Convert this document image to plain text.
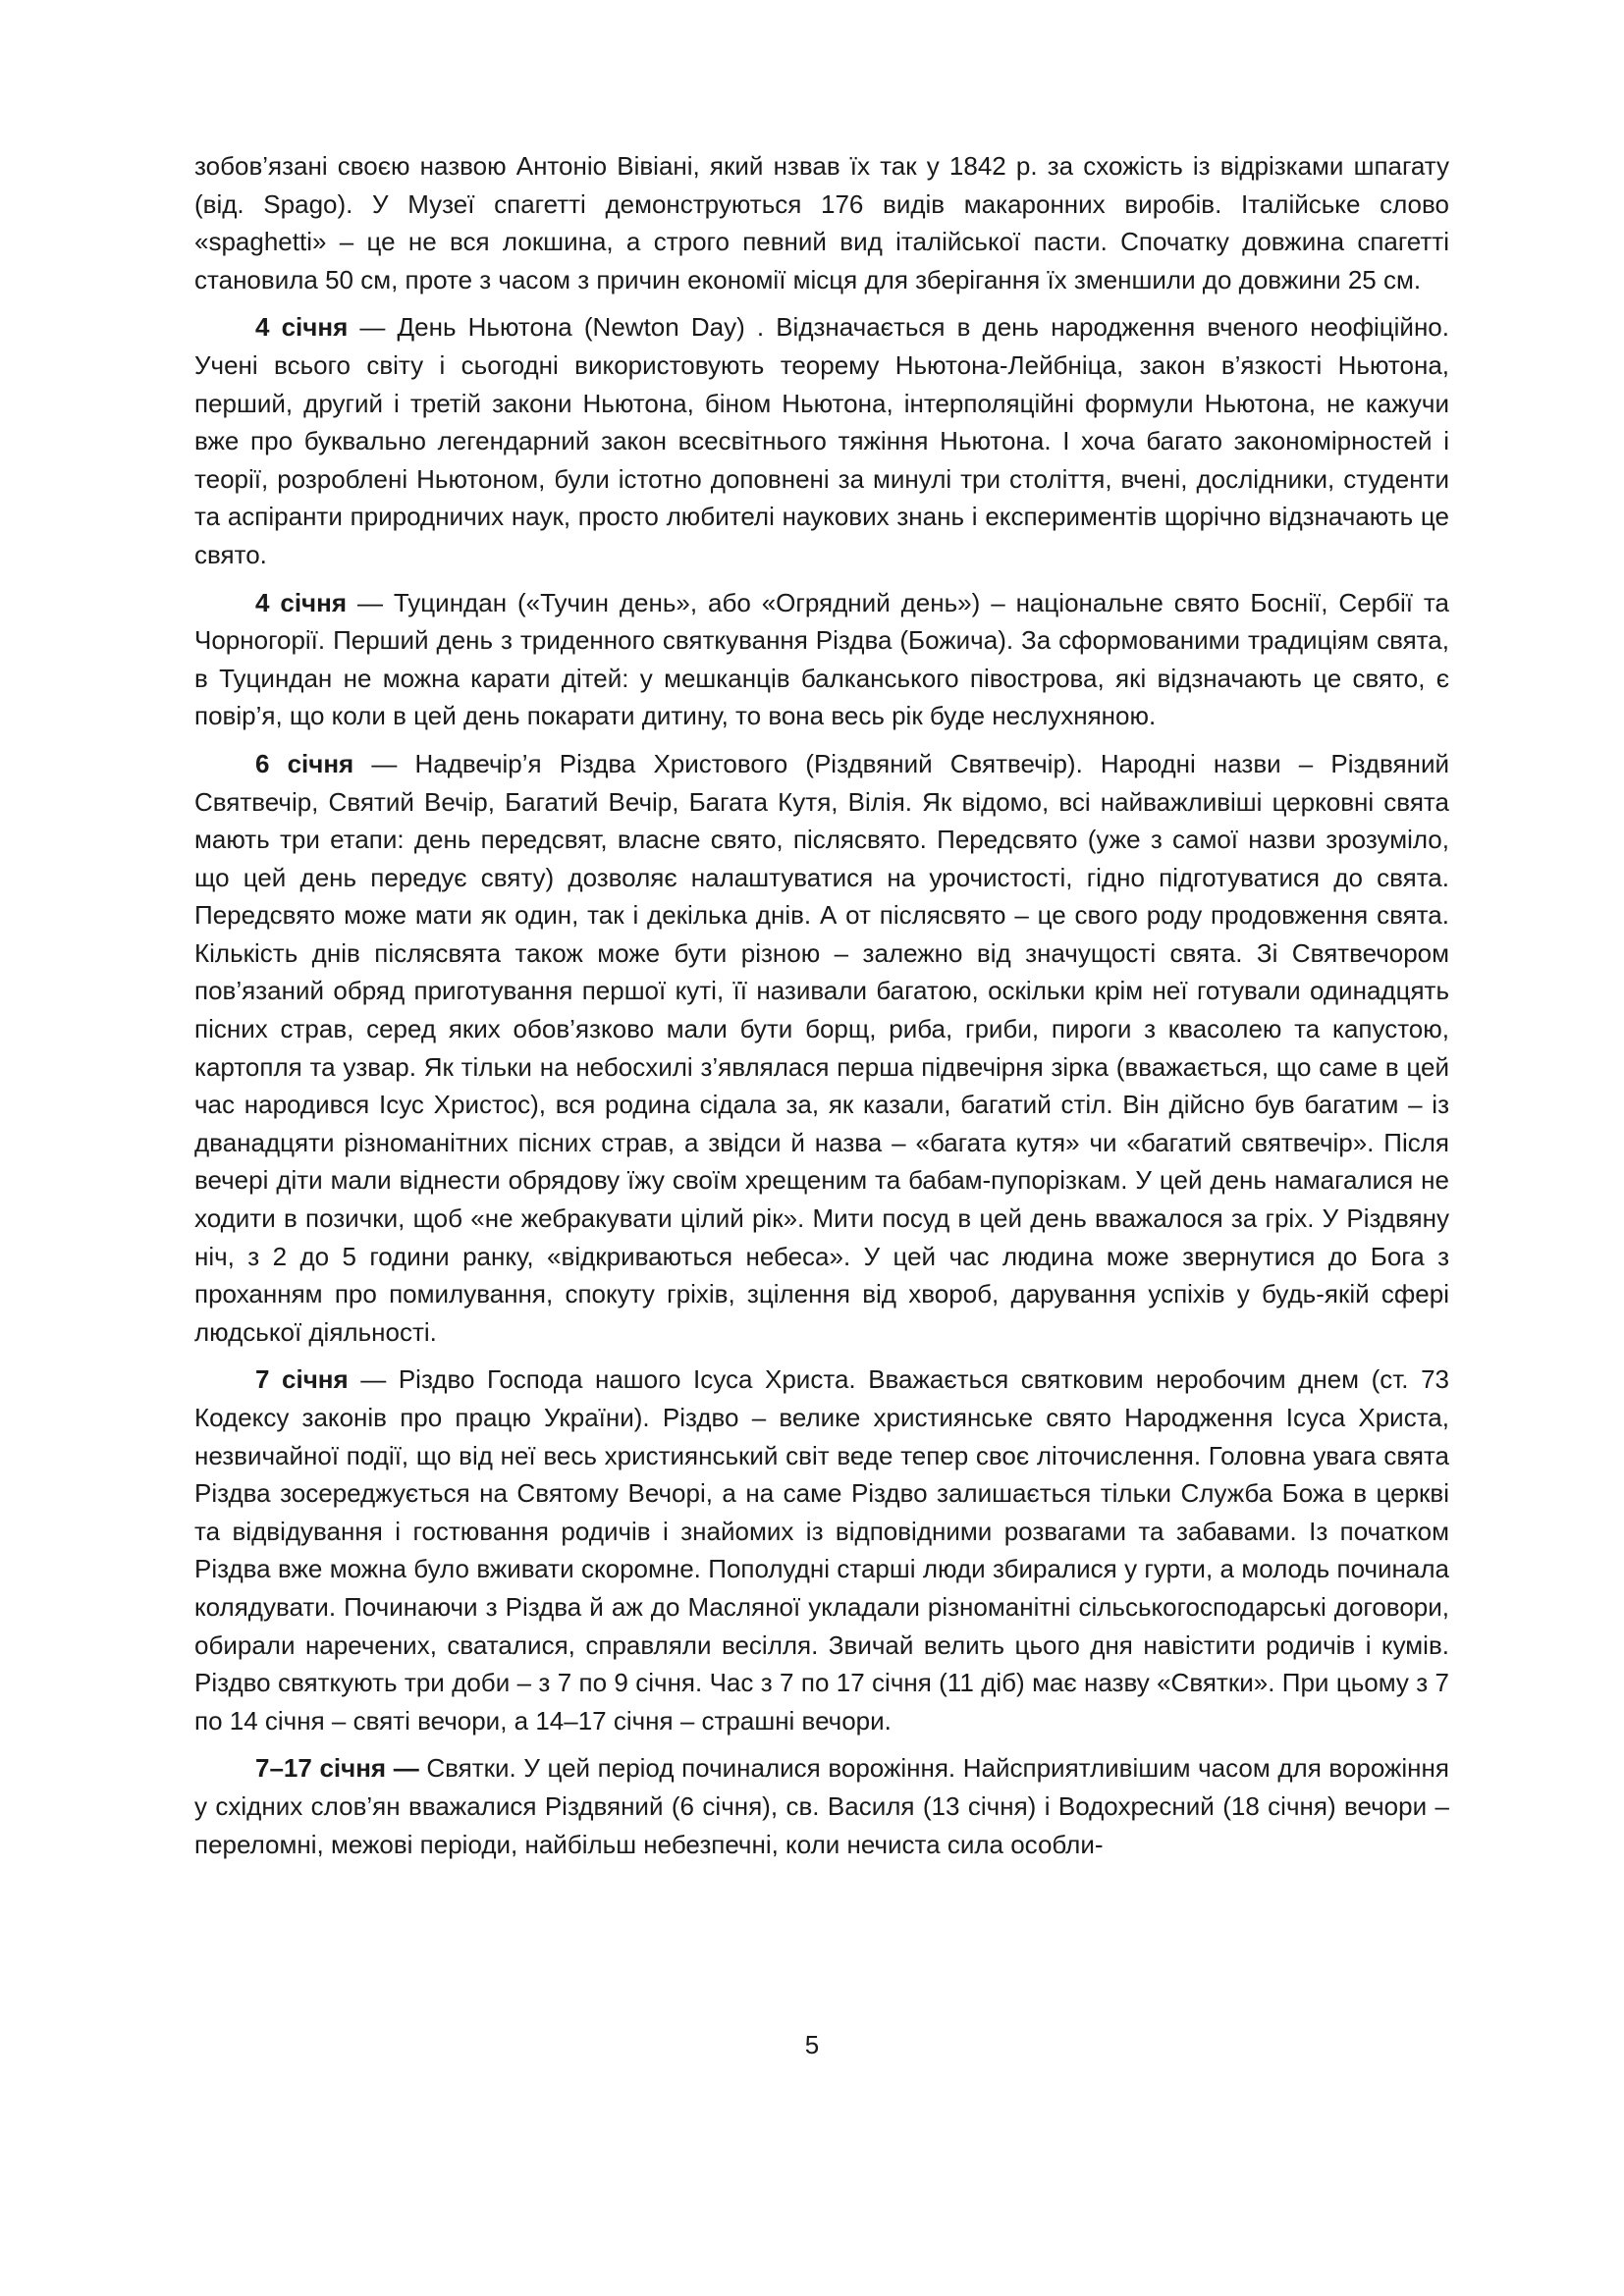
зобов’язані своєю назвою Антоніо Вівіані, який нзвав їх так у 1842 р. за схожість із відрізками шпагату (від. Spago). У Музеї спагетті демонструються 176 видів макаронних виробів. Італійське слово «spaghetti» – це не вся локшина, а строго певний вид італійської пасти. Спочатку довжина спагетті становила 50 см, проте з часом з причин економії місця для зберігання їх зменшили до довжини 25 см.

4 січня — День Ньютона (Newton Day) . Відзначається в день народження вченого неофіційно. Учені всього світу і сьогодні використовують теорему Ньютона-Лейбніца, закон в’язкості Ньютона, перший, другий і третій закони Ньютона, біном Ньютона, інтерполяційні формули Ньютона, не кажучи вже про буквально легендарний закон всесвітнього тяжіння Ньютона. І хоча багато закономірностей і теорії, розроблені Ньютоном, були істотно доповнені за минулі три століття, вчені, дослідники, студенти та аспіранти природничих наук, просто любителі наукових знань і експериментів щорічно відзначають це свято.

4 січня — Туциндан («Тучин день», або «Огрядний день») – національне свято Боснії, Сербії та Чорногорії. Перший день з триденного святкування Різдва (Божича). За сформованими традиціям свята, в Туциндан не можна карати дітей: у мешканців балканського півострова, які відзначають це свято, є повір’я, що коли в цей день покарати дитину, то вона весь рік буде неслухняною.

6 січня — Надвечір’я Різдва Христового (Різдвяний Святвечір). Народні назви – Різдвяний Святвечір, Святий Вечір, Багатий Вечір, Багата Кутя, Вілія. Як відомо, всі найважливіші церковні свята мають три етапи: день передсвят, власне свято, післясвято. Передсвято (уже з самої назви зрозуміло, що цей день передує святу) дозволяє налаштуватися на урочистості, гідно підготуватися до свята. Передсвято може мати як один, так і декілька днів. А от післясвято – це свого роду продовження свята. Кількість днів післясвята також може бути різною – залежно від значущості свята. Зі Святвечором пов’язаний обряд приготування першої куті, її називали багатою, оскільки крім неї готували одинадцять пісних страв, серед яких обов’язково мали бути борщ, риба, гриби, пироги з квасолею та капустою, картопля та узвар. Як тільки на небосхилі з’являлася перша підвечірня зірка (вважається, що саме в цей час народився Ісус Христос), вся родина сідала за, як казали, багатий стіл. Він дійсно був багатим – із дванадцяти різноманітних пісних страв, а звідси й назва – «багата кутя» чи «багатий святвечір». Після вечері діти мали віднести обрядову їжу своїм хрещеним та бабам-пупорізкам. У цей день намагалися не ходити в позички, щоб «не жебракувати цілий рік». Мити посуд в цей день вважалося за гріх. У Різдвяну ніч, з 2 до 5 години ранку, «відкриваються небеса». У цей час людина може звернутися до Бога з проханням про помилування, спокуту гріхів, зцілення від хвороб, дарування успіхів у будь-якій сфері людської діяльності.

7 січня — Різдво Господа нашого Ісуса Христа. Вважається святковим неробочим днем (ст. 73 Кодексу законів про працю України). Різдво – велике християнське свято Народження Ісуса Христа, незвичайної події, що від неї весь християнський світ веде тепер своє літочислення. Головна увага свята Різдва зосереджується на Святому Вечорі, а на саме Різдво залишається тільки Служба Божа в церкві та відвідування і гостювання родичів і знайомих із відповідними розвагами та забавами. Із початком Різдва вже можна було вживати скоромне. Пополудні старші люди збиралися у гурти, а молодь починала колядувати. Починаючи з Різдва й аж до Масляної укладали різноманітні сільськогосподарські договори, обирали наречених, сваталися, справляли весілля. Звичай велить цього дня навістити родичів і кумів. Різдво святкують три доби – з 7 по 9 січня. Час з 7 по 17 січня (11 діб) має назву «Святки». При цьому з 7 по 14 січня – святі вечори, а 14–17 січня – страшні вечори.

7–17 січня — Святки. У цей період починалися ворожіння. Найсприятливішим часом для ворожіння у східних слов’ян вважалися Різдвяний (6 січня), св. Василя (13 січня) і Водохресний (18 січня) вечори – переломні, межові періоди, найбільш небезпечні, коли нечиста сила особли-

5
